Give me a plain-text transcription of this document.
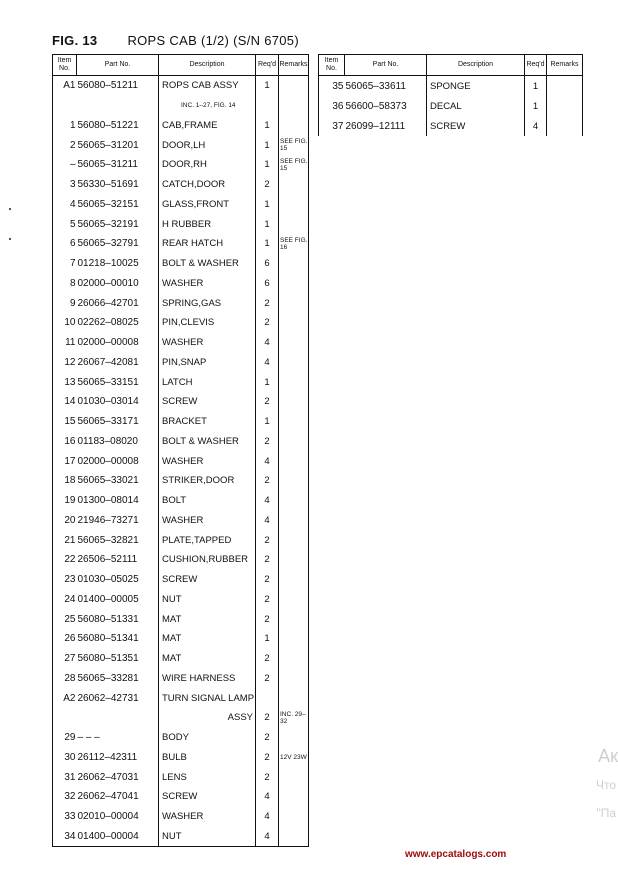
FIG. 13 ROPS CAB (1/2) (S/N 6705)
Item No.	Part No.	Description	Req'd	Remarks
A1	56080–51211	ROPS CAB ASSY	1	
		INC. 1–27, FIG. 14		
1	56080–51221	CAB,FRAME	1	
2	56065–31201	DOOR,LH	1	SEE FIG. 15
–	56065–31211	DOOR,RH	1	SEE FIG. 15
3	56330–51691	CATCH,DOOR	2	
4	56065–32151	GLASS,FRONT	1	
5	56065–32191	H RUBBER	1	
6	56065–32791	REAR HATCH	1	SEE FIG. 16
7	01218–10025	BOLT & WASHER	6	
8	02000–00010	WASHER	6	
9	26066–42701	SPRING,GAS	2	
10	02262–08025	PIN,CLEVIS	2	
11	02000–00008	WASHER	4	
12	26067–42081	PIN,SNAP	4	
13	56065–33151	LATCH	1	
14	01030–03014	SCREW	2	
15	56065–33171	BRACKET	1	
16	01183–08020	BOLT & WASHER	2	
17	02000–00008	WASHER	4	
18	56065–33021	STRIKER,DOOR	2	
19	01300–08014	BOLT	4	
20	21946–73271	WASHER	4	
21	56065–32821	PLATE,TAPPED	2	
22	26506–52111	CUSHION,RUBBER	2	
23	01030–05025	SCREW	2	
24	01400–00005	NUT	2	
25	56080–51331	MAT	2	
26	56080–51341	MAT	1	
27	56080–51351	MAT	2	
28	56065–33281	WIRE HARNESS	2	
A2	26062–42731	TURN SIGNAL LAMP		
		ASSY	2	INC. 29–32
29	– – –	BODY	2	
30	26112–42311	BULB	2	12V 23W
31	26062–47031	LENS	2	
32	26062–47041	SCREW	4	
33	02010–00004	WASHER	4	
34	01400–00004	NUT	4	
Item No.	Part No.	Description	Req'd	Remarks
35	56065–33611	SPONGE	1	
36	56600–58373	DECAL	1	
37	26099–12111	SCREW	4	
Ак
Что
"Па
www.epcatalogs.com
